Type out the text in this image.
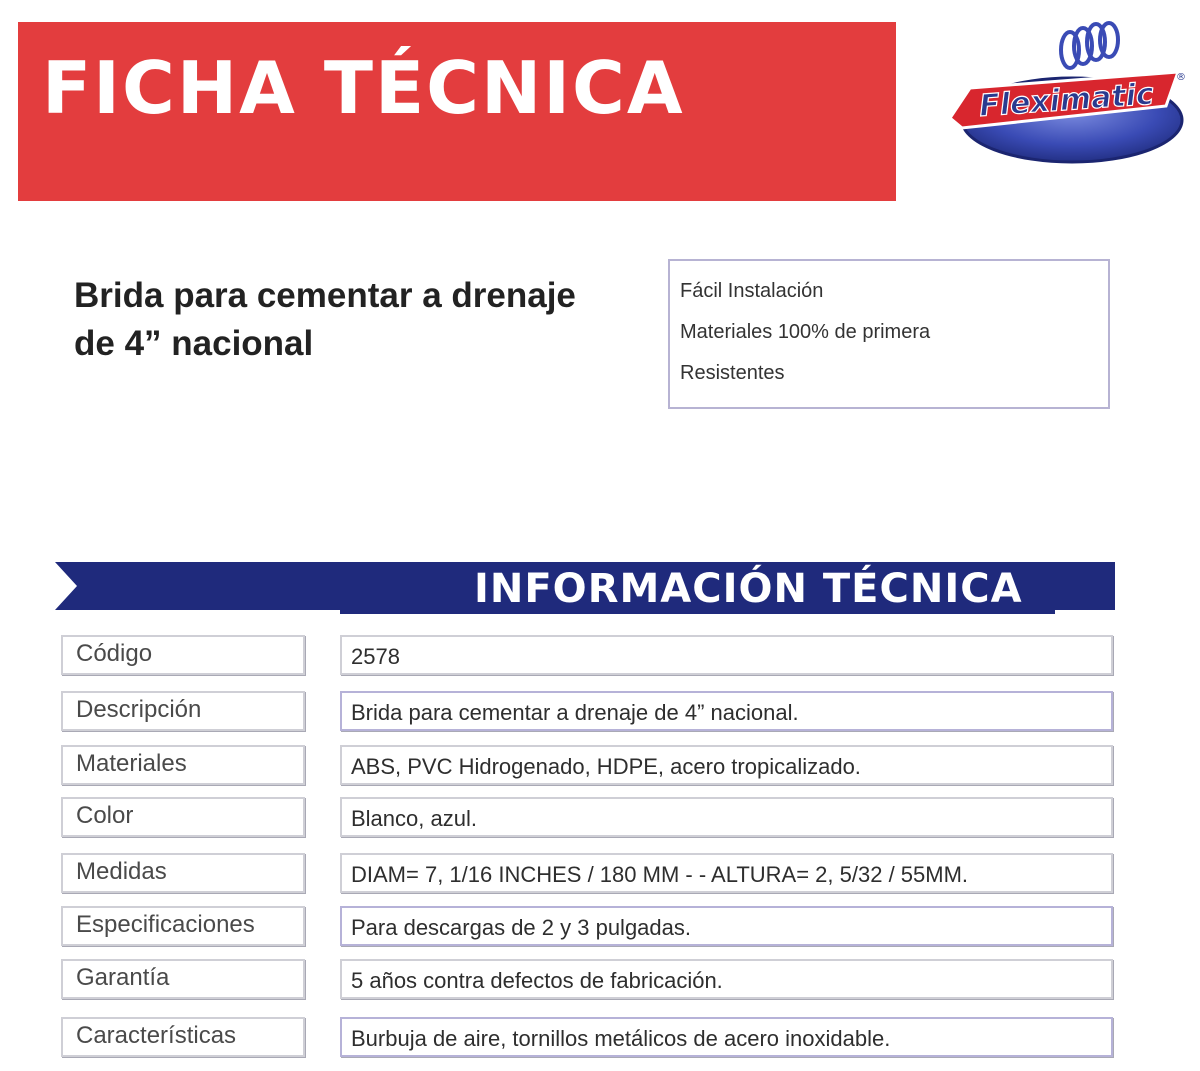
FICHA TÉCNICA	Fleximatic ®
Brida para cementar a drenaje de 4” nacional
Fácil Instalación
Materiales 100% de primera
Resistentes
INFORMACIÓN TÉCNICA
Código	2578
Descripción	Brida para cementar a drenaje de 4” nacional.
Materiales	ABS, PVC Hidrogenado, HDPE, acero tropicalizado.
Color	Blanco, azul.
Medidas	DIAM= 7, 1/16 INCHES / 180 MM - - ALTURA= 2, 5/32 / 55MM.
Especificaciones	Para descargas de 2 y 3 pulgadas.
Garantía	5 años contra defectos de fabricación.
Características	Burbuja de aire, tornillos metálicos de acero inoxidable.
